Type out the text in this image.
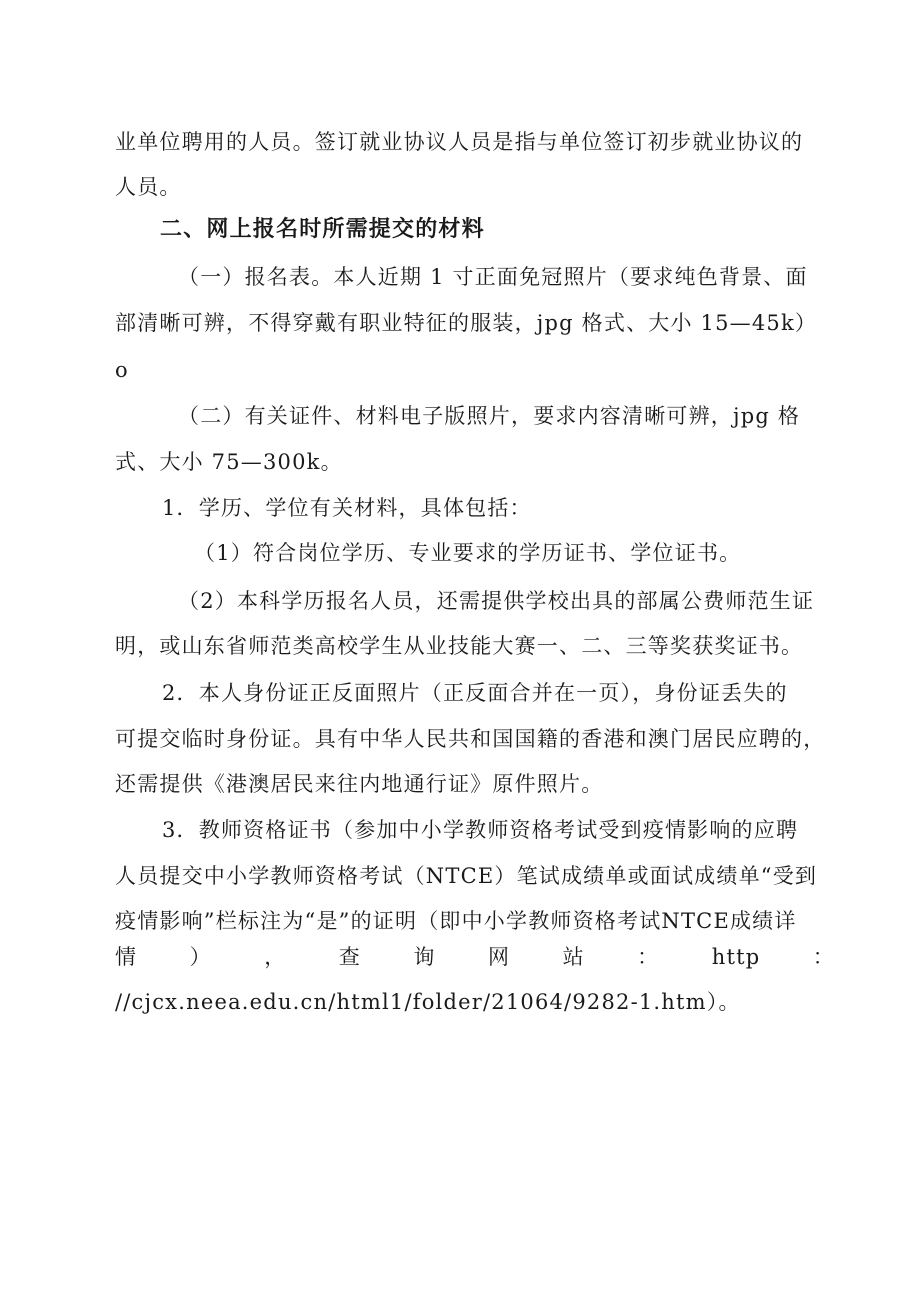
业单位聘用的人员。签订就业协议人员是指与单位签订初步就业协议的
人员。
二、网上报名时所需提交的材料
（一）报名表。本人近期 1 寸正面免冠照片（要求纯色背景、面
部清晰可辨，不得穿戴有职业特征的服装，jpg 格式、大小 15—45k）
o
（二）有关证件、材料电子版照片，要求内容清晰可辨，jpg 格
式、大小 75—300k。
1．学历、学位有关材料，具体包括：
（1）符合岗位学历、专业要求的学历证书、学位证书。
（2）本科学历报名人员，还需提供学校出具的部属公费师范生证
明，或山东省师范类高校学生从业技能大赛一、二、三等奖获奖证书。
2．本人身份证正反面照片（正反面合并在一页），身份证丢失的
可提交临时身份证。具有中华人民共和国国籍的香港和澳门居民应聘的，
还需提供《港澳居民来往内地通行证》原件照片。
3．教师资格证书（参加中小学教师资格考试受到疫情影响的应聘
人员提交中小学教师资格考试（NTCE）笔试成绩单或面试成绩单“受到
疫情影响”栏标注为“是”的证明（即中小学教师资格考试NTCE成绩详
情 ） ， 查 询 网 站 ： http ：
//cjcx.neea.edu.cn/html1/folder/21064/9282-1.htm）。
